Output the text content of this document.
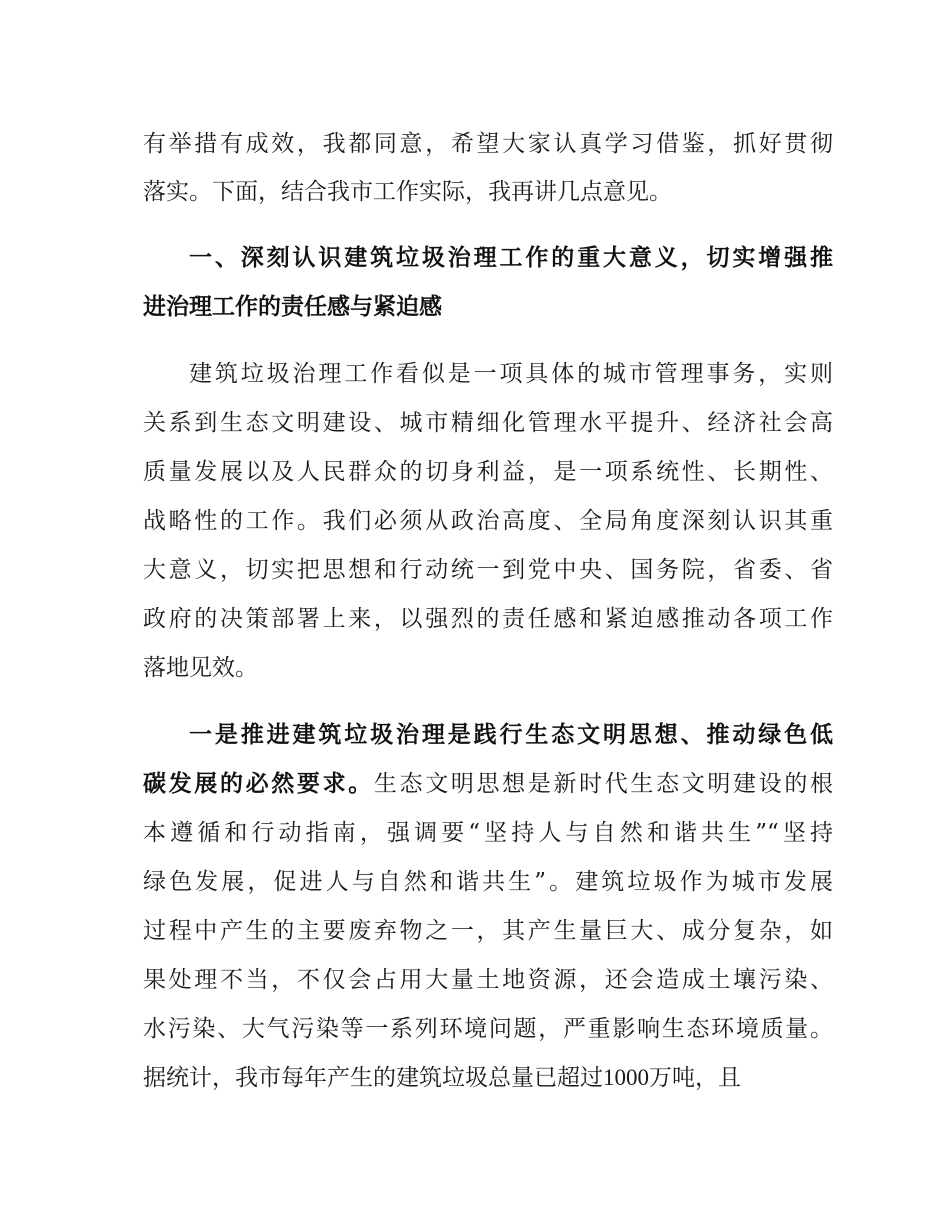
有举措有成效，我都同意，希望大家认真学习借鉴，抓好贯彻
落实。下面，结合我市工作实际，我再讲几点意见。
一、深刻认识建筑垃圾治理工作的重大意义，切实增强推
进治理工作的责任感与紧迫感
建筑垃圾治理工作看似是一项具体的城市管理事务，实则
关系到生态文明建设、城市精细化管理水平提升、经济社会高
质量发展以及人民群众的切身利益，是一项系统性、长期性、
战略性的工作。我们必须从政治高度、全局角度深刻认识其重
大意义，切实把思想和行动统一到党中央、国务院，省委、省
政府的决策部署上来，以强烈的责任感和紧迫感推动各项工作
落地见效。
一是推进建筑垃圾治理是践行生态文明思想、推动绿色低
碳发展的必然要求。生态文明思想是新时代生态文明建设的根
本遵循和行动指南，强调要“坚持人与自然和谐共生”“坚持
绿色发展，促进人与自然和谐共生”。建筑垃圾作为城市发展
过程中产生的主要废弃物之一，其产生量巨大、成分复杂，如
果处理不当，不仅会占用大量土地资源，还会造成土壤污染、
水污染、大气污染等一系列环境问题，严重影响生态环境质量。
据统计，我市每年产生的建筑垃圾总量已超过1000万吨，且
